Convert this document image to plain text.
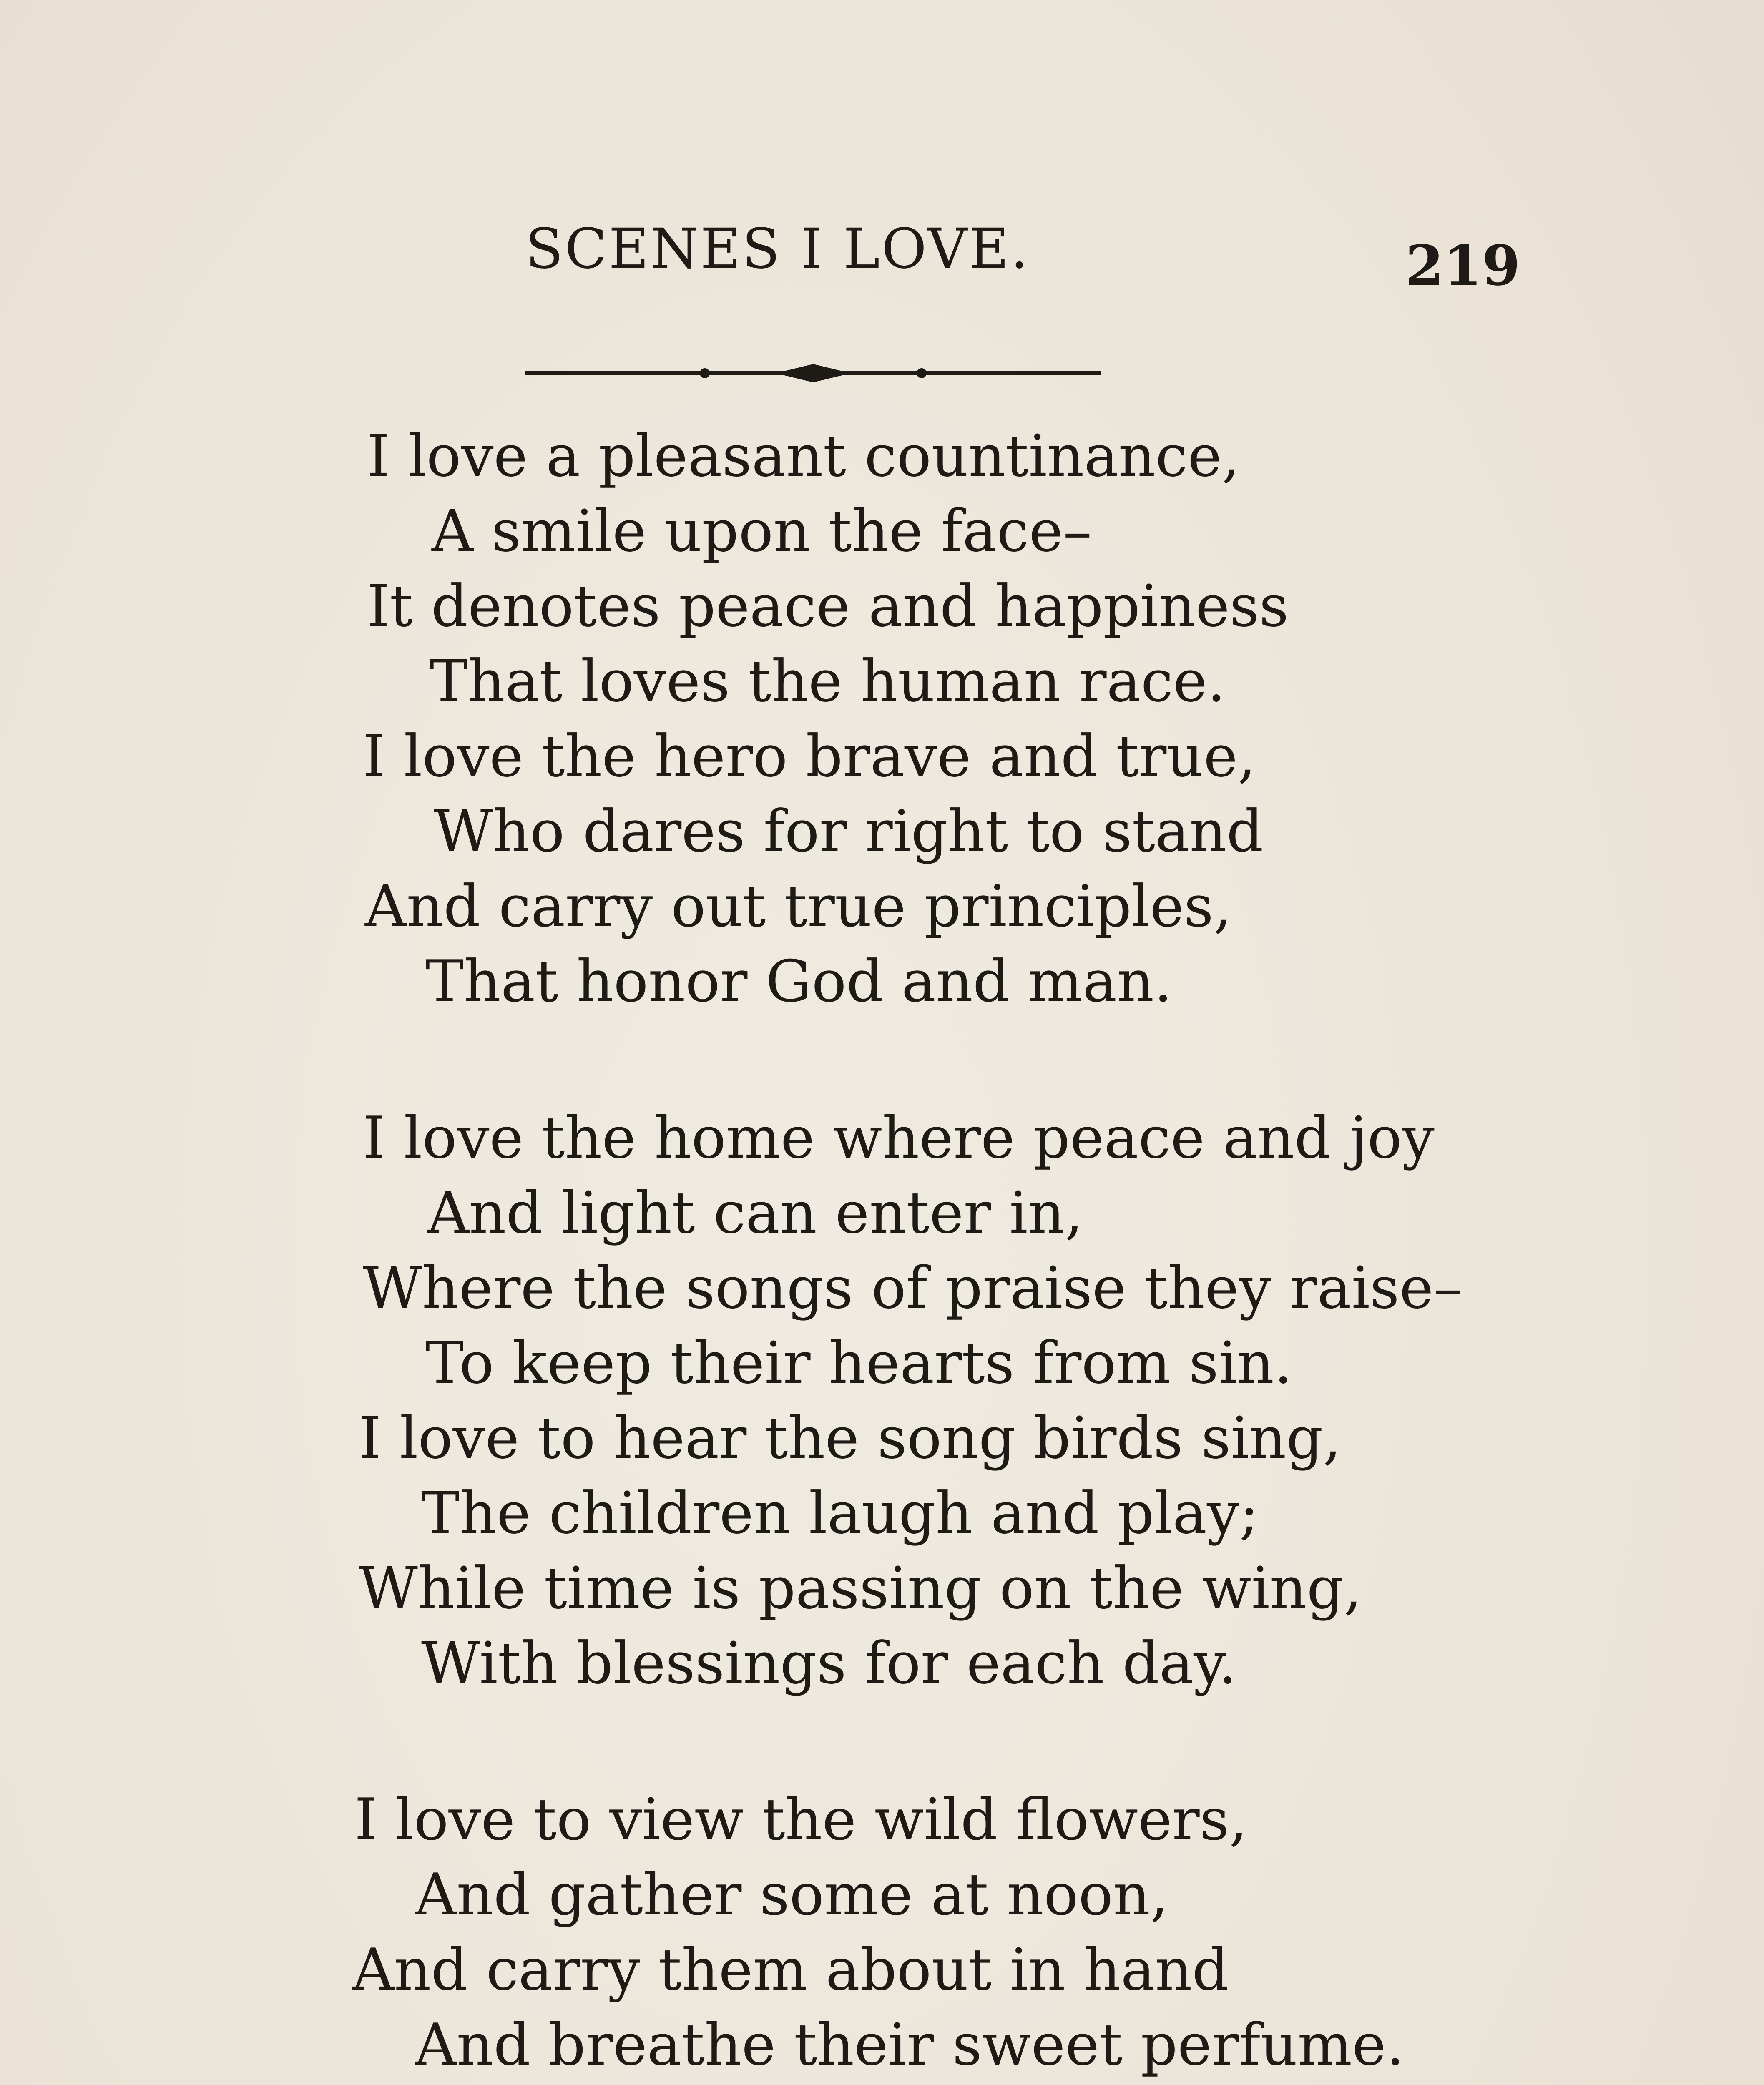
SCENES I LOVE.	219
I love a pleasant countinance,
A smile upon the face–
It denotes peace and happiness
That loves the human race.
I love the hero brave and true,
Who dares for right to stand
And carry out true principles,
That honor God and man.
I love the home where peace and joy
And light can enter in,
Where the songs of praise they raise–
To keep their hearts from sin.
I love to hear the song birds sing,
The children laugh and play;
While time is passing on the wing,
With blessings for each day.
I love to view the wild flowers,
And gather some at noon,
And carry them about in hand
And breathe their sweet perfume.
